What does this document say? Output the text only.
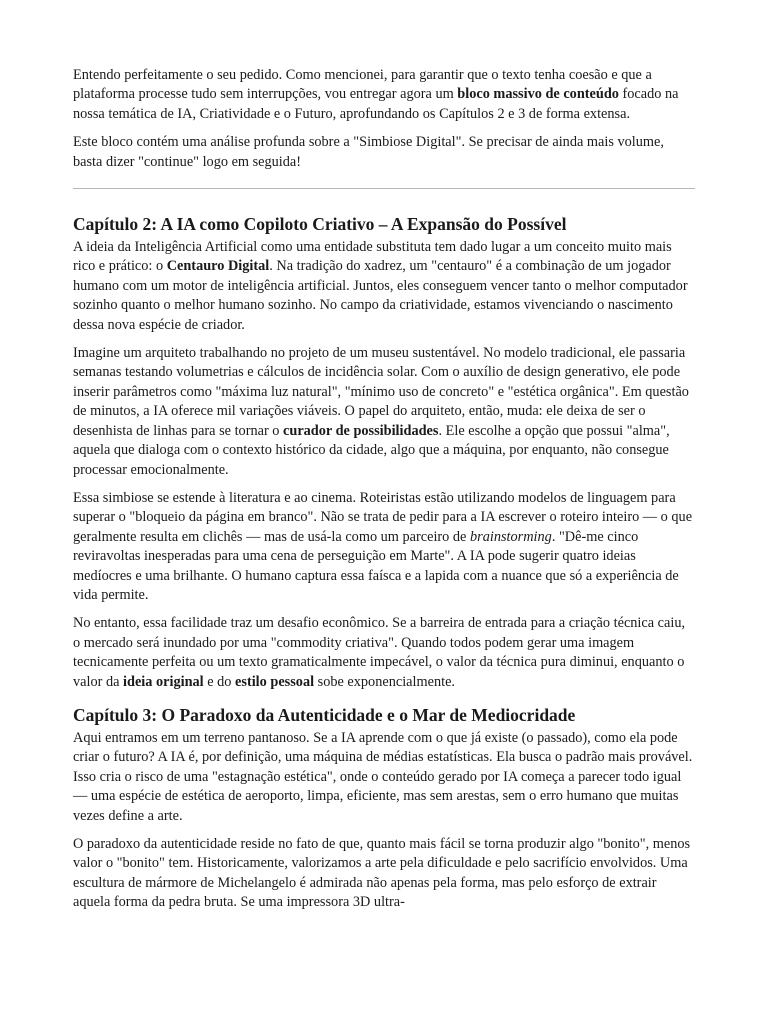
Entendo perfeitamente o seu pedido. Como mencionei, para garantir que o texto tenha coesão e que a plataforma processe tudo sem interrupções, vou entregar agora um bloco massivo de conteúdo focado na nossa temática de IA, Criatividade e o Futuro, aprofundando os Capítulos 2 e 3 de forma extensa.

Este bloco contém uma análise profunda sobre a "Simbiose Digital". Se precisar de ainda mais volume, basta dizer "continue" logo em seguida!

Capítulo 2: A IA como Copiloto Criativo – A Expansão do Possível

A ideia da Inteligência Artificial como uma entidade substituta tem dado lugar a um conceito muito mais rico e prático: o Centauro Digital. Na tradição do xadrez, um "centauro" é a combinação de um jogador humano com um motor de inteligência artificial. Juntos, eles conseguem vencer tanto o melhor computador sozinho quanto o melhor humano sozinho. No campo da criatividade, estamos vivenciando o nascimento dessa nova espécie de criador.

Imagine um arquiteto trabalhando no projeto de um museu sustentável. No modelo tradicional, ele passaria semanas testando volumetrias e cálculos de incidência solar. Com o auxílio de design generativo, ele pode inserir parâmetros como "máxima luz natural", "mínimo uso de concreto" e "estética orgânica". Em questão de minutos, a IA oferece mil variações viáveis. O papel do arquiteto, então, muda: ele deixa de ser o desenhista de linhas para se tornar o curador de possibilidades. Ele escolhe a opção que possui "alma", aquela que dialoga com o contexto histórico da cidade, algo que a máquina, por enquanto, não consegue processar emocionalmente.

Essa simbiose se estende à literatura e ao cinema. Roteiristas estão utilizando modelos de linguagem para superar o "bloqueio da página em branco". Não se trata de pedir para a IA escrever o roteiro inteiro — o que geralmente resulta em clichês — mas de usá-la como um parceiro de brainstorming. "Dê-me cinco reviravoltas inesperadas para uma cena de perseguição em Marte". A IA pode sugerir quatro ideias medíocres e uma brilhante. O humano captura essa faísca e a lapida com a nuance que só a experiência de vida permite.

No entanto, essa facilidade traz um desafio econômico. Se a barreira de entrada para a criação técnica caiu, o mercado será inundado por uma "commodity criativa". Quando todos podem gerar uma imagem tecnicamente perfeita ou um texto gramaticalmente impecável, o valor da técnica pura diminui, enquanto o valor da ideia original e do estilo pessoal sobe exponencialmente.

Capítulo 3: O Paradoxo da Autenticidade e o Mar de Mediocridade

Aqui entramos em um terreno pantanoso. Se a IA aprende com o que já existe (o passado), como ela pode criar o futuro? A IA é, por definição, uma máquina de médias estatísticas. Ela busca o padrão mais provável. Isso cria o risco de uma "estagnação estética", onde o conteúdo gerado por IA começa a parecer todo igual — uma espécie de estética de aeroporto, limpa, eficiente, mas sem arestas, sem o erro humano que muitas vezes define a arte.

O paradoxo da autenticidade reside no fato de que, quanto mais fácil se torna produzir algo "bonito", menos valor o "bonito" tem. Historicamente, valorizamos a arte pela dificuldade e pelo sacrifício envolvidos. Uma escultura de mármore de Michelangelo é admirada não apenas pela forma, mas pelo esforço de extrair aquela forma da pedra bruta. Se uma impressora 3D ultra-
